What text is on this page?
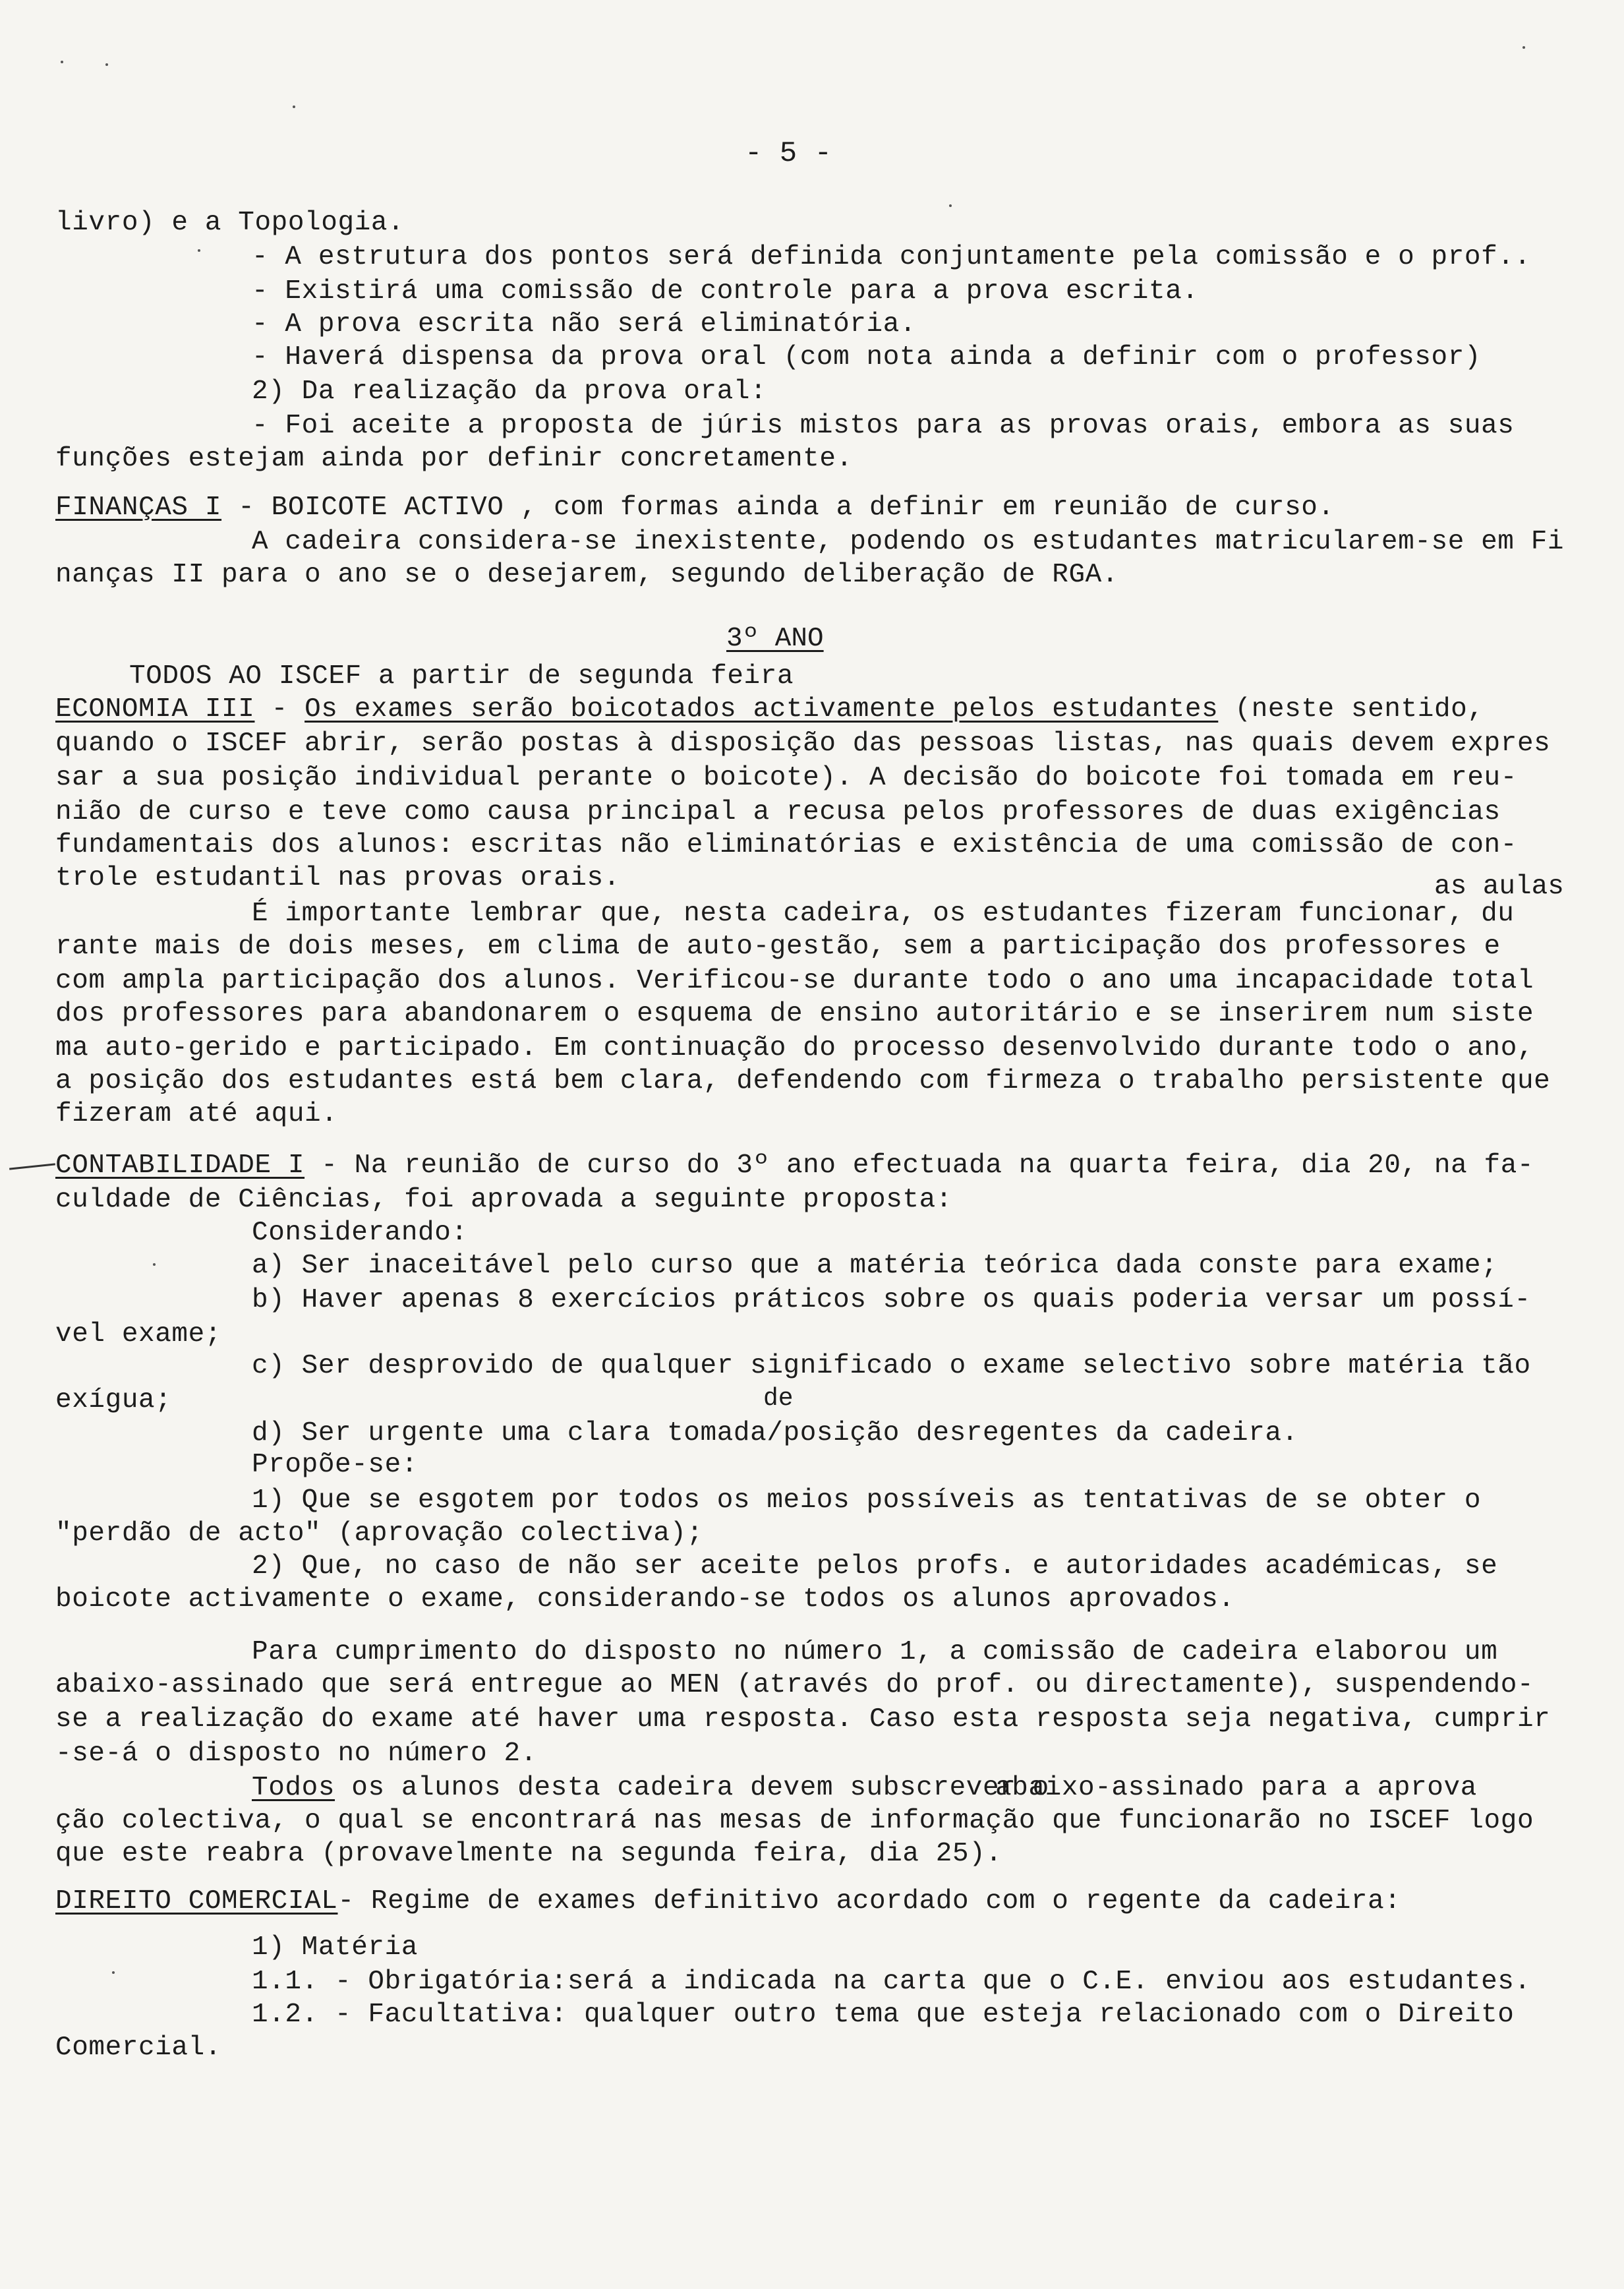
- 5 -
livro) e a Topologia.
- A estrutura dos pontos será definida conjuntamente pela comissão e o prof..
- Existirá uma comissão de controle para a prova escrita.
- A prova escrita não será eliminatória.
- Haverá dispensa da prova oral (com nota ainda a definir com o professor)
2) Da realização da prova oral:
- Foi aceite a proposta de júris mistos para as provas orais, embora as suas
funções estejam ainda por definir concretamente.
A cadeira considera-se inexistente, podendo os estudantes matricularem-se em Fi
nanças II para o ano se o desejarem, segundo deliberação de RGA.
TODOS AO ISCEF a partir de segunda feira
quando o ISCEF abrir, serão postas à disposição das pessoas listas, nas quais devem expres
sar a sua posição individual perante o boicote). A decisão do boicote foi tomada em reu-
nião de curso e teve como causa principal a recusa pelos professores de duas exigências
fundamentais dos alunos: escritas não eliminatórias e existência de uma comissão de con-
trole estudantil nas provas orais.
É importante lembrar que, nesta cadeira, os estudantes fizeram funcionar, du
rante mais de dois meses, em clima de auto-gestão, sem a participação dos professores e
com ampla participação dos alunos. Verificou-se durante todo o ano uma incapacidade total
dos professores para abandonarem o esquema de ensino autoritário e se inserirem num siste
ma auto-gerido e participado. Em continuação do processo desenvolvido durante todo o ano,
a posição dos estudantes está bem clara, defendendo com firmeza o trabalho persistente que
fizeram até aqui.
culdade de Ciências, foi aprovada a seguinte proposta:
Considerando:
a) Ser inaceitável pelo curso que a matéria teórica dada conste para exame;
b) Haver apenas 8 exercícios práticos sobre os quais poderia versar um possí-
vel exame;
c) Ser desprovido de qualquer significado o exame selectivo sobre matéria tão
exígua;
d) Ser urgente uma clara tomada/posição desregentes da cadeira.
Propõe-se:
1) Que se esgotem por todos os meios possíveis as tentativas de se obter o
"perdão de acto" (aprovação colectiva);
2) Que, no caso de não ser aceite pelos profs. e autoridades académicas, se
boicote activamente o exame, considerando-se todos os alunos aprovados.
Para cumprimento do disposto no número 1, a comissão de cadeira elaborou um
abaixo-assinado que será entregue ao MEN (através do prof. ou directamente), suspendendo-
se a realização do exame até haver uma resposta. Caso esta resposta seja negativa, cumprir
-se-á o disposto no número 2.
abaixo-assinado para a aprova
ção colectiva, o qual se encontrará nas mesas de informação que funcionarão no ISCEF logo
que este reabra (provavelmente na segunda feira, dia 25).
1) Matéria
1.1. - Obrigatória:será a indicada na carta que o C.E. enviou aos estudantes.
1.2. - Facultativa: qualquer outro tema que esteja relacionado com o Direito
Comercial.
FINANÇAS I - BOICOTE ACTIVO , com formas ainda a definir em reunião de curso.
3º ANO
ECONOMIA III - Os exames serão boicotados activamente pelos estudantes (neste sentido,
CONTABILIDADE I - Na reunião de curso do 3º ano efectuada na quarta feira, dia 20, na fa-
Todos os alunos desta cadeira devem subscrever o
DIREITO COMERCIAL- Regime de exames definitivo acordado com o regente da cadeira:
as aulas
de
